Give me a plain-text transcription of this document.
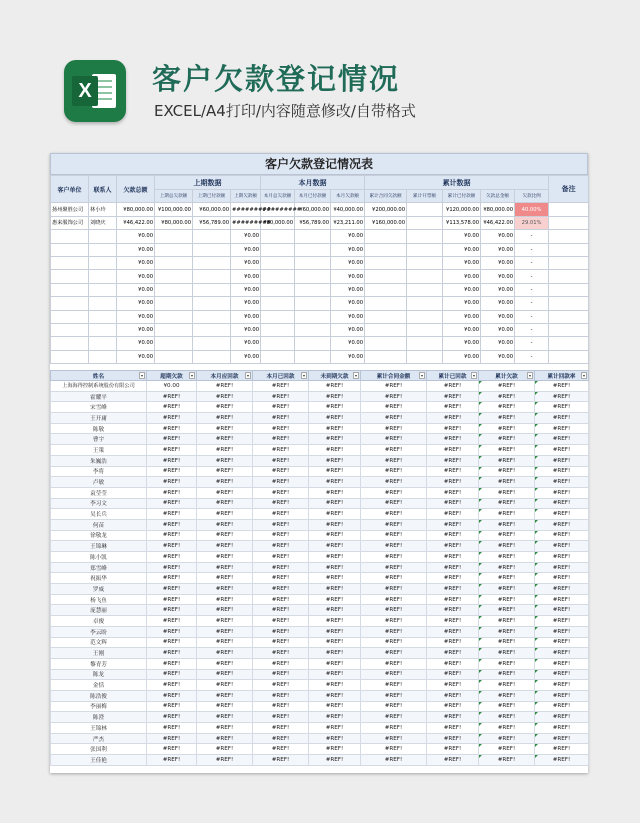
X 客户欠款登记情况
EXCEL/A4打印/内容随意修改/自带格式
客户欠款登记情况表
客户单位	联系人	欠款总额	上期数据			本月数据			累计数据					备注
			上期总欠款额	上期已付款额	上期欠款额	本月总欠款额	本月已付款额	本月欠款额	累计合同欠款额	累计开票额	累计已付款额	欠款总金额	欠款比例	
扬州聚胜公司	林小玲	¥80,000.00	¥100,000.00	¥60,000.00	#########	#########	¥60,000.00	¥40,000.00	¥200,000.00		¥120,000.00	¥80,000.00	40.00%	
惠来服饰公司	刘晓庆	¥46,422.00	¥80,000.00	¥56,789.00	#########	¥80,000.00	¥56,789.00	¥23,211.00	¥160,000.00		¥113,578.00	¥46,422.00	29.01%	
		¥0.00			¥0.00			¥0.00			¥0.00	¥0.00	-	
		¥0.00			¥0.00			¥0.00			¥0.00	¥0.00	-	
		¥0.00			¥0.00			¥0.00			¥0.00	¥0.00	-	
		¥0.00			¥0.00			¥0.00			¥0.00	¥0.00	-	
		¥0.00			¥0.00			¥0.00			¥0.00	¥0.00	-	
		¥0.00			¥0.00			¥0.00			¥0.00	¥0.00	-	
		¥0.00			¥0.00			¥0.00			¥0.00	¥0.00	-	
		¥0.00			¥0.00			¥0.00			¥0.00	¥0.00	-	
		¥0.00			¥0.00			¥0.00			¥0.00	¥0.00	-	
		¥0.00			¥0.00			¥0.00			¥0.00	¥0.00	-	
姓名 ▾	超期欠款 ▾	本月应回款 ▾	本月已回款 ▾	未到期欠款 ▾	累计合同金额 ▾	累计已回款 ▾	累计欠款 ▾	累计回款率 ▾

上海海得控制系统股份有限公司	¥0.00	#REF!	#REF!	#REF!	#REF!	#REF!	#REF!	#REF!
霍耀平	#REF!	#REF!	#REF!	#REF!	#REF!	#REF!	#REF!	#REF!
宋雪峰	#REF!	#REF!	#REF!	#REF!	#REF!	#REF!	#REF!	#REF!
王开庸	#REF!	#REF!	#REF!	#REF!	#REF!	#REF!	#REF!	#REF!
陈敬	#REF!	#REF!	#REF!	#REF!	#REF!	#REF!	#REF!	#REF!
曹宇	#REF!	#REF!	#REF!	#REF!	#REF!	#REF!	#REF!	#REF!
王策	#REF!	#REF!	#REF!	#REF!	#REF!	#REF!	#REF!	#REF!
朱巍浩	#REF!	#REF!	#REF!	#REF!	#REF!	#REF!	#REF!	#REF!
李将	#REF!	#REF!	#REF!	#REF!	#REF!	#REF!	#REF!	#REF!
卢敏	#REF!	#REF!	#REF!	#REF!	#REF!	#REF!	#REF!	#REF!
袁莹莹	#REF!	#REF!	#REF!	#REF!	#REF!	#REF!	#REF!	#REF!
李习文	#REF!	#REF!	#REF!	#REF!	#REF!	#REF!	#REF!	#REF!
吴长兵	#REF!	#REF!	#REF!	#REF!	#REF!	#REF!	#REF!	#REF!
何苗	#REF!	#REF!	#REF!	#REF!	#REF!	#REF!	#REF!	#REF!
徐敬龙	#REF!	#REF!	#REF!	#REF!	#REF!	#REF!	#REF!	#REF!
王锦琳	#REF!	#REF!	#REF!	#REF!	#REF!	#REF!	#REF!	#REF!
陈小凯	#REF!	#REF!	#REF!	#REF!	#REF!	#REF!	#REF!	#REF!
郑雪峰	#REF!	#REF!	#REF!	#REF!	#REF!	#REF!	#REF!	#REF!
祝振华	#REF!	#REF!	#REF!	#REF!	#REF!	#REF!	#REF!	#REF!
罗威	#REF!	#REF!	#REF!	#REF!	#REF!	#REF!	#REF!	#REF!
杨飞鱼	#REF!	#REF!	#REF!	#REF!	#REF!	#REF!	#REF!	#REF!
庞慧丽	#REF!	#REF!	#REF!	#REF!	#REF!	#REF!	#REF!	#REF!
卓俊	#REF!	#REF!	#REF!	#REF!	#REF!	#REF!	#REF!	#REF!
李云盼	#REF!	#REF!	#REF!	#REF!	#REF!	#REF!	#REF!	#REF!
范文辉	#REF!	#REF!	#REF!	#REF!	#REF!	#REF!	#REF!	#REF!
王刚	#REF!	#REF!	#REF!	#REF!	#REF!	#REF!	#REF!	#REF!
黎青芳	#REF!	#REF!	#REF!	#REF!	#REF!	#REF!	#REF!	#REF!
陈龙	#REF!	#REF!	#REF!	#REF!	#REF!	#REF!	#REF!	#REF!
金恬	#REF!	#REF!	#REF!	#REF!	#REF!	#REF!	#REF!	#REF!
陈浩俊	#REF!	#REF!	#REF!	#REF!	#REF!	#REF!	#REF!	#REF!
李丽梅	#REF!	#REF!	#REF!	#REF!	#REF!	#REF!	#REF!	#REF!
陈澄	#REF!	#REF!	#REF!	#REF!	#REF!	#REF!	#REF!	#REF!
王锦林	#REF!	#REF!	#REF!	#REF!	#REF!	#REF!	#REF!	#REF!
严杰	#REF!	#REF!	#REF!	#REF!	#REF!	#REF!	#REF!	#REF!
张国利	#REF!	#REF!	#REF!	#REF!	#REF!	#REF!	#REF!	#REF!
王佳艳	#REF!	#REF!	#REF!	#REF!	#REF!	#REF!	#REF!	#REF!
